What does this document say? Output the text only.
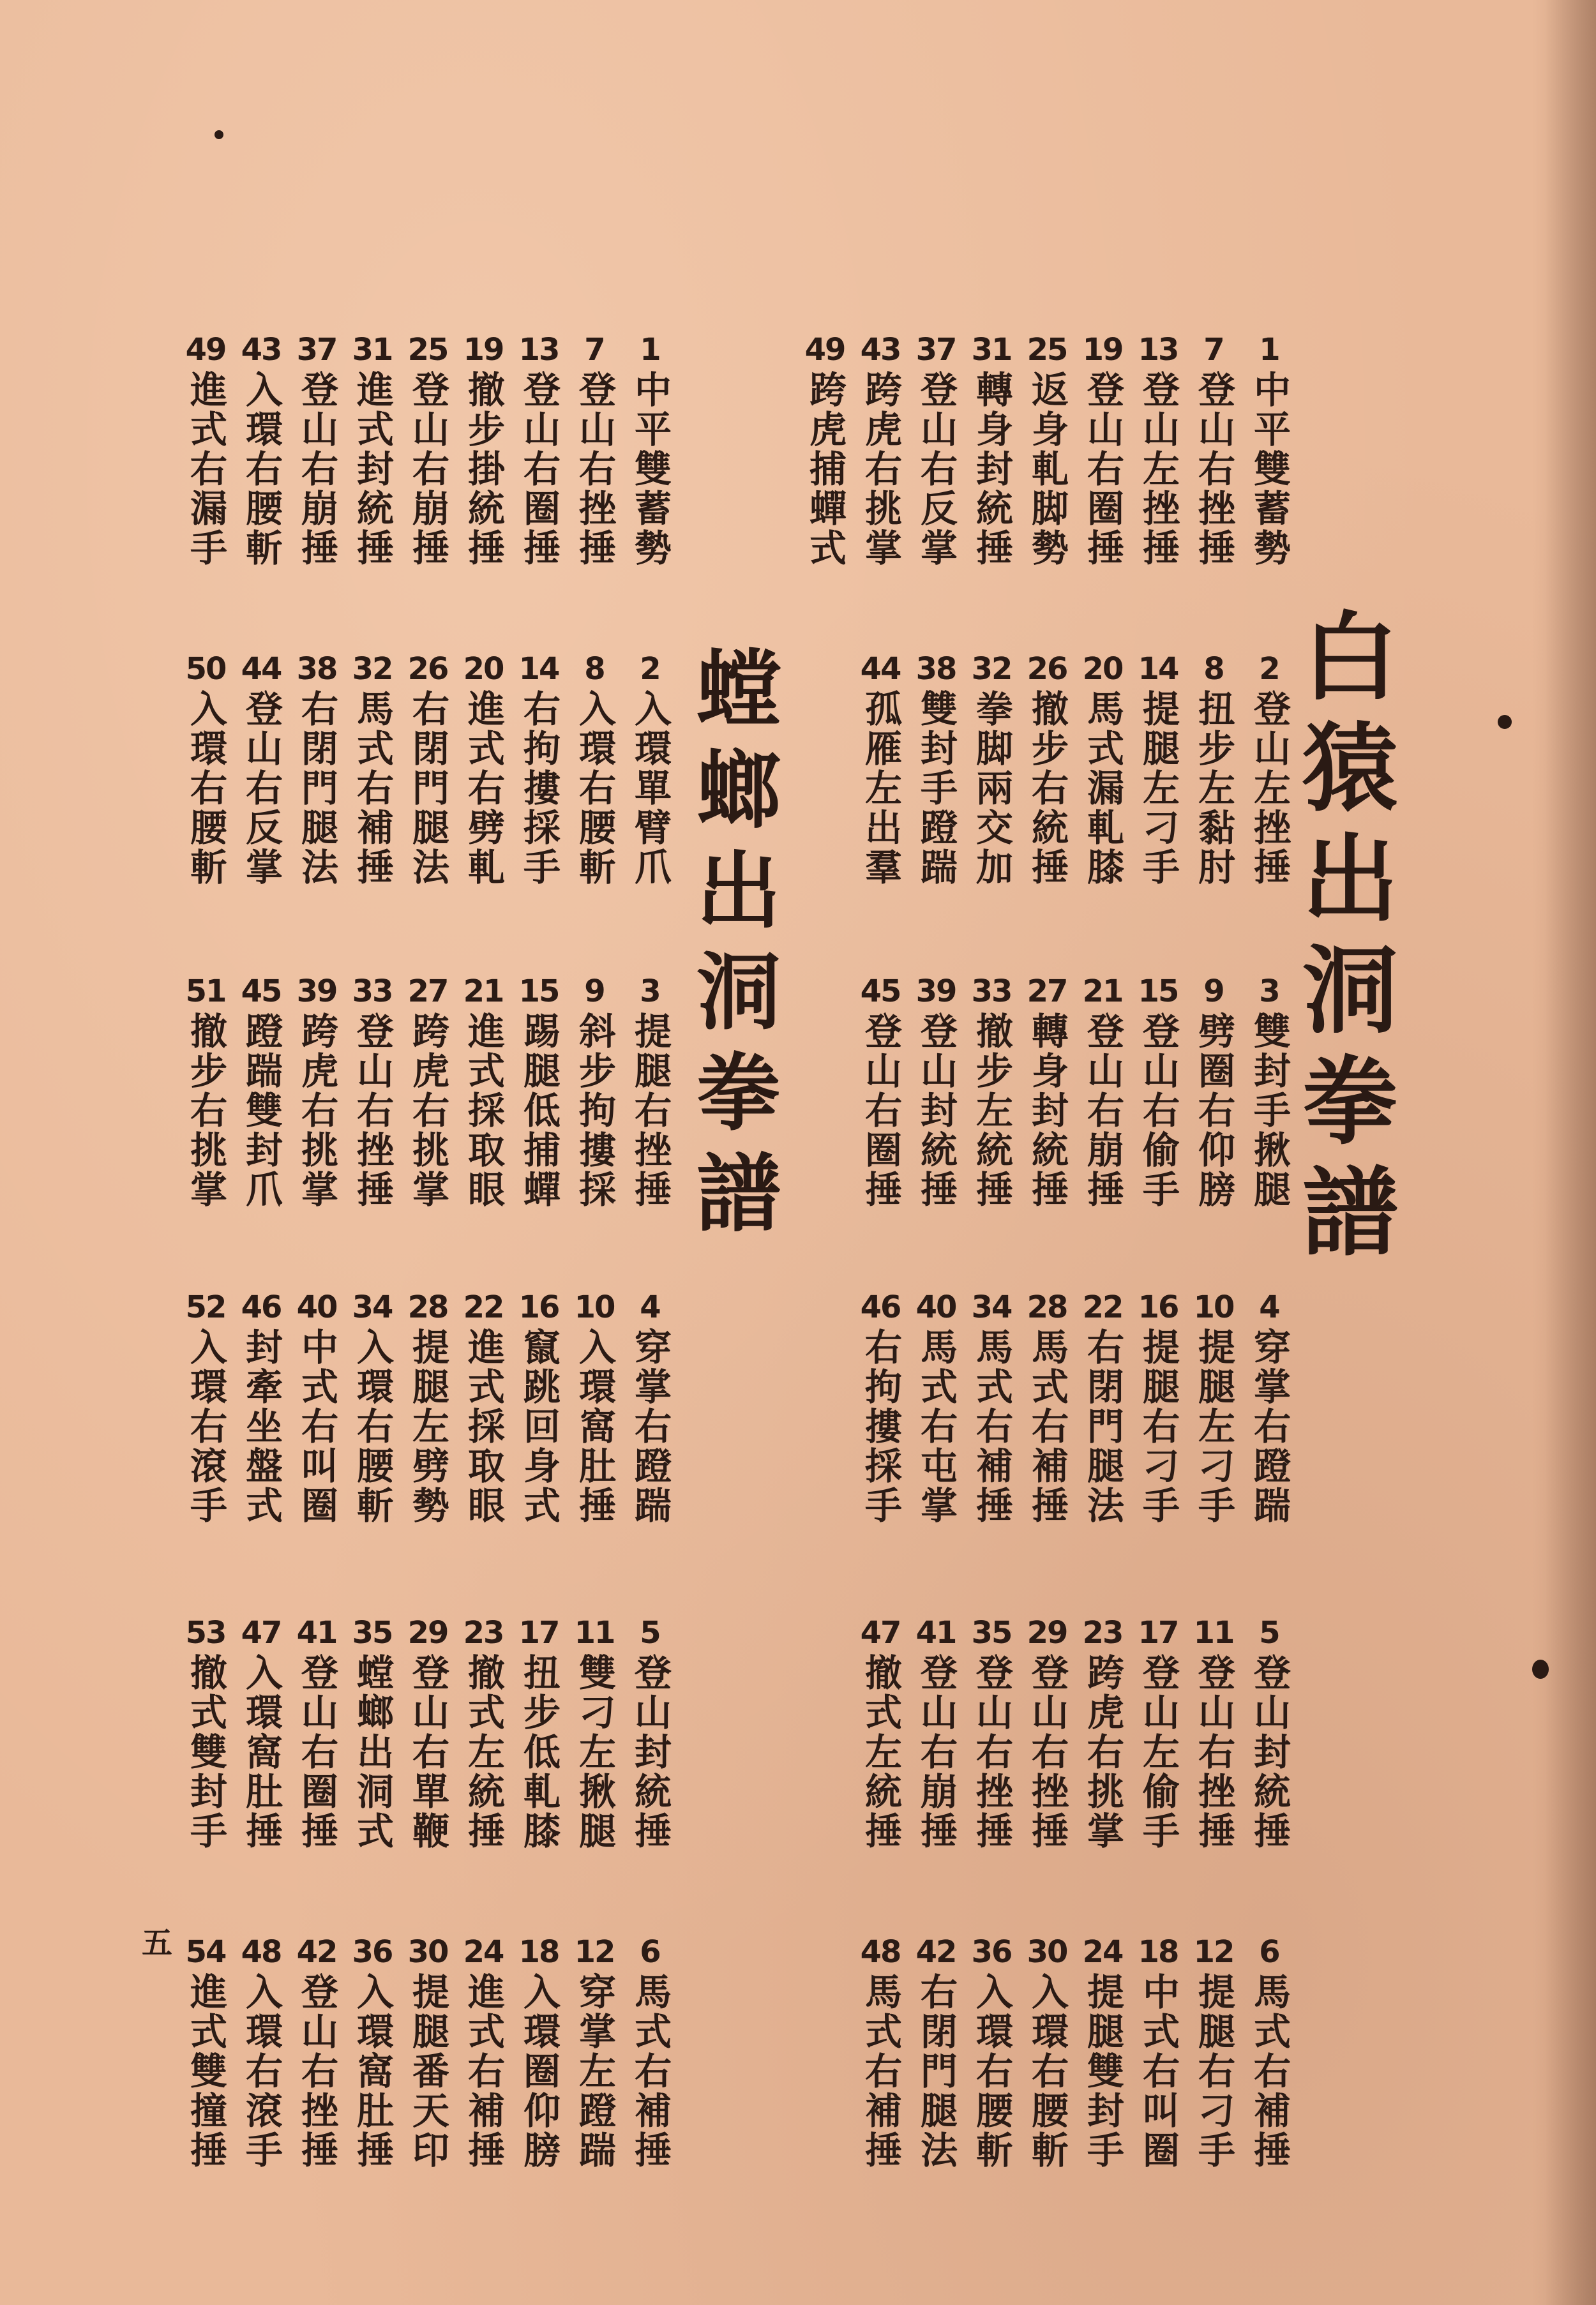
1
中平雙蓄勢
7
登山右挫捶
13
登山左挫捶
19
登山右圈捶
25
返身軋脚勢
31
轉身封統捶
37
登山右反掌
43
跨虎右挑掌
49
跨虎捕蟬式
2
登山左挫捶
8
扭步左黏肘
14
提腿左刁手
20
馬式漏軋膝
26
撤步右統捶
32
拳脚兩交加
38
雙封手蹬踹
44
孤雁左出羣
3
雙封手揪腿
9
劈圈右仰膀
15
登山右偷手
21
登山右崩捶
27
轉身封統捶
33
撤步左統捶
39
登山封統捶
45
登山右圈捶
4
穿掌右蹬踹
10
提腿左刁手
16
提腿右刁手
22
右閉門腿法
28
馬式右補捶
34
馬式右補捶
40
馬式右屯掌
46
右拘摟採手
5
登山封統捶
11
登山右挫捶
17
登山左偷手
23
跨虎右挑掌
29
登山右挫捶
35
登山右挫捶
41
登山右崩捶
47
撤式左統捶
6
馬式右補捶
12
提腿右刁手
18
中式右叫圈
24
提腿雙封手
30
入環右腰斬
36
入環右腰斬
42
右閉門腿法
48
馬式右補捶
1
中平雙蓄勢
7
登山右挫捶
13
登山右圈捶
19
撤步掛統捶
25
登山右崩捶
31
進式封統捶
37
登山右崩捶
43
入環右腰斬
49
進式右漏手
2
入環單臂爪
8
入環右腰斬
14
右拘摟採手
20
進式右劈軋
26
右閉門腿法
32
馬式右補捶
38
右閉門腿法
44
登山右反掌
50
入環右腰斬
3
提腿右挫捶
9
斜步拘摟採
15
踢腿低捕蟬
21
進式採取眼
27
跨虎右挑掌
33
登山右挫捶
39
跨虎右挑掌
45
蹬踹雙封爪
51
撤步右挑掌
4
穿掌右蹬踹
10
入環窩肚捶
16
竄跳回身式
22
進式採取眼
28
提腿左劈勢
34
入環右腰斬
40
中式右叫圈
46
封牽坐盤式
52
入環右滾手
5
登山封統捶
11
雙刁左揪腿
17
扭步低軋膝
23
撤式左統捶
29
登山右單鞭
35
螳螂出洞式
41
登山右圈捶
47
入環窩肚捶
53
撤式雙封手
6
馬式右補捶
12
穿掌左蹬踹
18
入環圈仰膀
24
進式右補捶
30
提腿番天印
36
入環窩肚捶
42
登山右挫捶
48
入環右滾手
54
進式雙撞捶
白猿出洞拳譜
螳螂出洞拳譜
五
